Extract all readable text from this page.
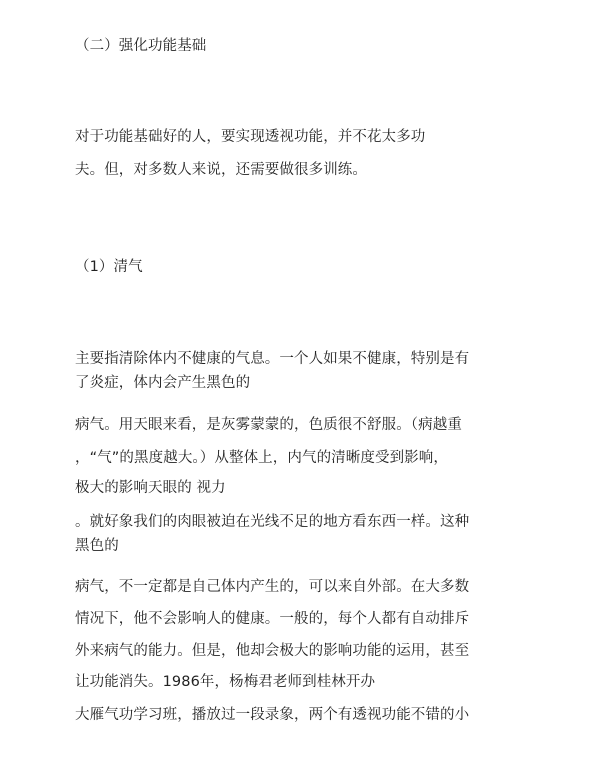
（二）强化功能基础
对于功能基础好的人，要实现透视功能，并不花太多功
夫。但，对多数人来说，还需要做很多训练。
（1）清气
主要指清除体内不健康的气息。一个人如果不健康，特别是有
了炎症，体内会产生黑色的
病气。用天眼来看，是灰雾蒙蒙的，色质很不舒服。（病越重
，“气”的黑度越大。）从整体上，内气的清晰度受到影响，
极大的影响天眼的 视力
。就好象我们的肉眼被迫在光线不足的地方看东西一样。这种
黑色的
病气，不一定都是自己体内产生的，可以来自外部。在大多数
情况下，他不会影响人的健康。一般的，每个人都有自动排斥
外来病气的能力。但是，他却会极大的影响功能的运用，甚至
让功能消失。1986年，杨梅君老师到桂林开办
大雁气功学习班，播放过一段录象，两个有透视功能不错的小
